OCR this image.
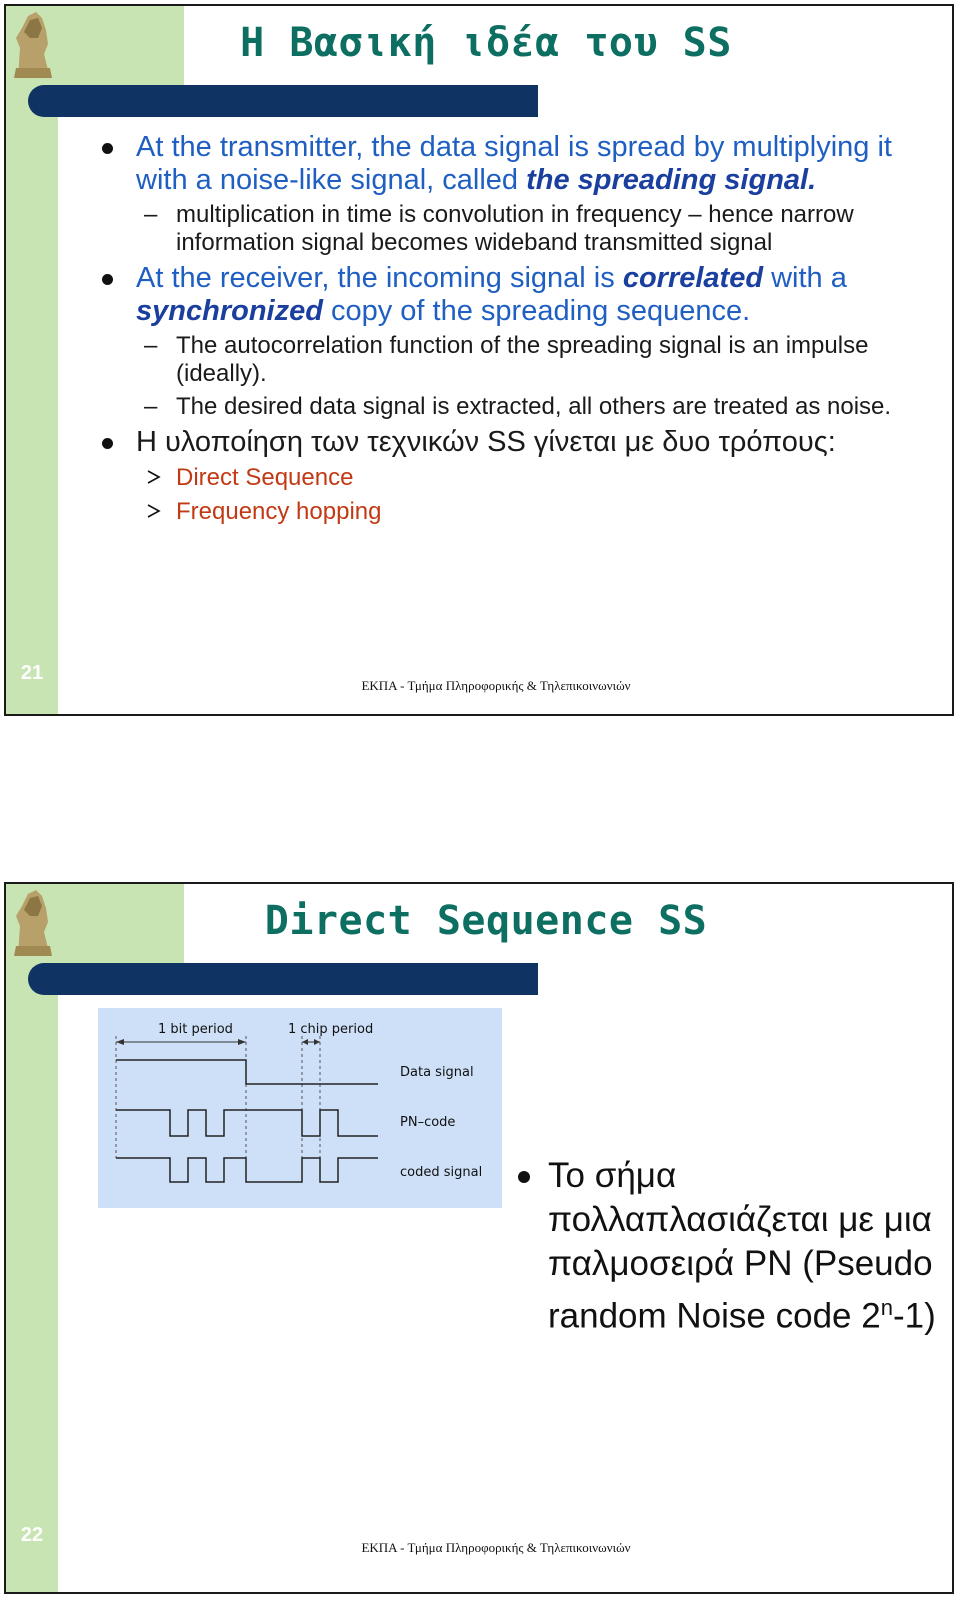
Η Βασική ιδέα του SS
At the transmitter, the data signal is spread by multiplying it with a noise-like signal, called the spreading signal.
– multiplication in time is convolution in frequency – hence narrow information signal becomes wideband transmitted signal
At the receiver, the incoming signal is correlated with a synchronized copy of the spreading sequence.
– The autocorrelation function of the spreading signal is an impulse (ideally).
– The desired data signal is extracted, all others are treated as noise.
Η υλοποίηση των τεχνικών SS γίνεται με δυο τρόπους:
Direct Sequence
Frequency hopping
21
ΕΚΠΑ - Τμήμα Πληροφορικής & Τηλεπικοινωνιών
Direct Sequence SS
1 bit period	1 chip period
Data signal
PN–code
coded signal	Το σήμα πολλαπλασιάζεται με μια παλμοσειρά PN (Pseudo random Noise code 2$^n$-1)
22
ΕΚΠΑ - Τμήμα Πληροφορικής & Τηλεπικοινωνιών
